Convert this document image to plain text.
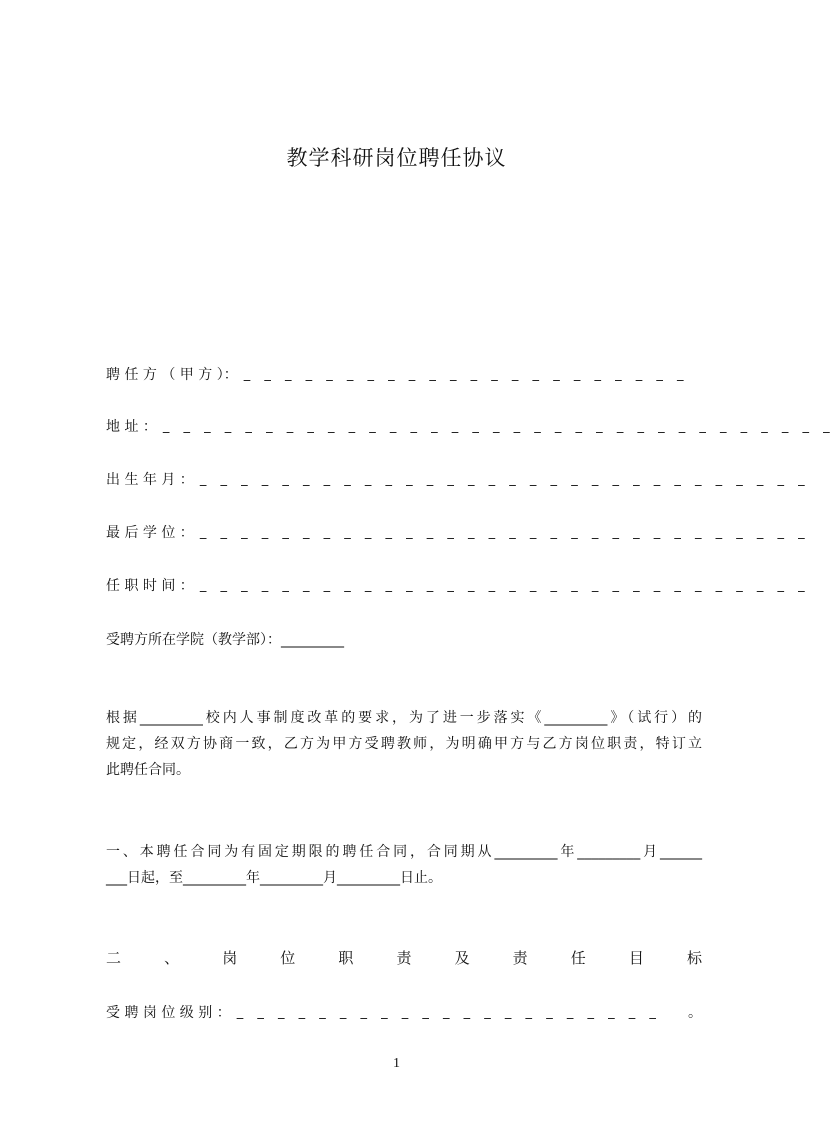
教学科研岗位聘任协议
聘 任 方 （ 甲 方 ）： _ _ _ _ _ _ _ _ _ _ _ _ _ _ _ _ _ _ _ _ _ _
地 址 ： _ _ _ _ _ _ _ _ _ _ _ _ _ _ _ _ _ _ _ _ _ _ _ _ _ _ _ _ _ _ _ _ _
出 生 年 月 ： _ _ _ _ _ _ _ _ _ _ _ _ _ _ _ _ _ _ _ _ _ _ _ _ _ _ _ _ _ _
最 后 学 位 ： _ _ _ _ _ _ _ _ _ _ _ _ _ _ _ _ _ _ _ _ _ _ _ _ _ _ _ _ _ _
任 职 时 间 ： _ _ _ _ _ _ _ _ _ _ _ _ _ _ _ _ _ _ _ _ _ _ _ _ _ _ _ _ _ _
受聘方所在学院（教学部）：_________

根据_________校内人事制度改革的要求，为了进一步落实《_________》（试行）的

规定，经双方协商一致，乙方为甲方受聘教师，为明确甲方与乙方岗位职责，特订立

此聘任合同。

一、本聘任合同为有固定期限的聘任合同，合同期从_________年_________月______

___日起，至_________年_________月_________日止。

二	、	岗	位	职	责	及	责	任	目	标
受 聘 岗 位 级 别 ： _ _ _ _ _ _ _ _ _ _ _ _ _ _ _ _ _ _ _ _ _	。
1
